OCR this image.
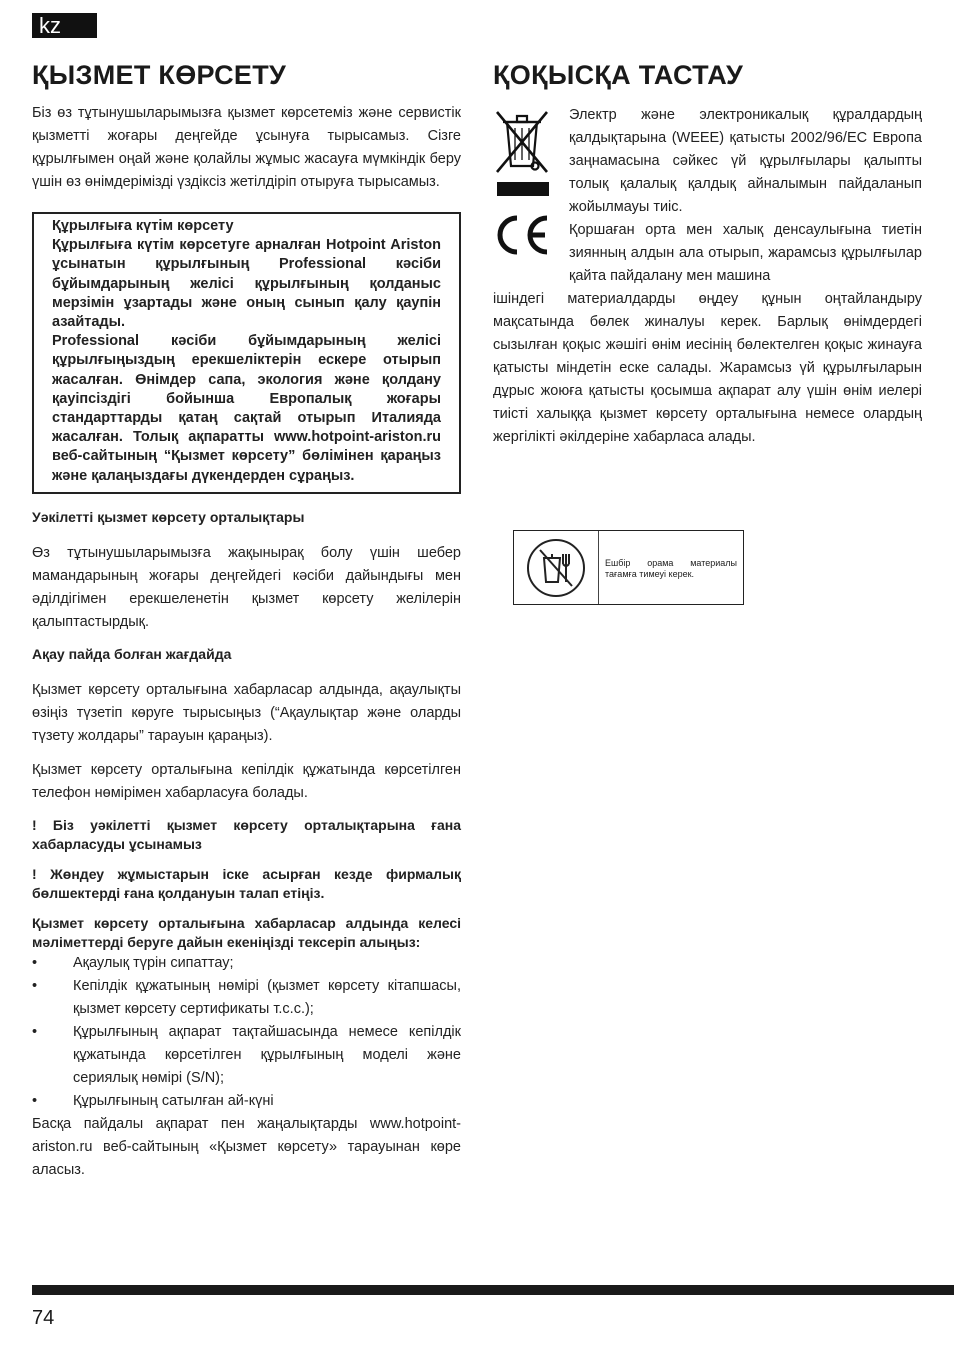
kz
ҚЫЗМЕТ КӨРСЕТУ

Біз өз тұтынушыларымызға қызмет көрсетеміз және сервистік қызметті жоғары деңгейде ұсынуға тырысамыз. Сізге құрылғымен оңай және қолайлы жұмыс жасауға мүмкіндік беру үшін өз өнімдерімізді үздіксіз жетілдіріп отыруға тырысамыз.

Құрылғыға күтім көрсету

Құрылғыға күтім көрсетуге арналған Hotpoint Ariston ұсынатын құрылғының Professional кәсіби бұйымдарының желісі құрылғының қолданыс мерзімін ұзартады және оның сынып қалу қаупін азайтады.

Professional кәсіби бұйымдарының желісі құрылғыңыздың ерекшеліктерін ескере отырып жасалған. Өнімдер сапа, экология және қолдану қауіпсіздігі бойынша Европалық жоғары стандарттарды қатаң сақтай отырып Италияда жасалған. Толық ақпаратты www.hotpoint-ariston.ru веб-сайтының “Қызмет көрсету” бөлімінен қараңыз және қалаңыздағы дүкендерден сұраңыз.

Уәкілетті қызмет көрсету орталықтары

Өз тұтынушыларымызға жақынырақ болу үшін шебер мамандарының жоғары деңгейдегі кәсіби дайындығы мен әділдігімен ерекшеленетін қызмет көрсету желілерін қалыптастырдық.

Ақау пайда болған жағдайда

Қызмет көрсету орталығына хабарласар алдында, ақаулықты өзіңіз түзетіп көруге тырысыңыз (“Ақаулықтар және оларды түзету жолдары” тарауын қараңыз).

Қызмет көрсету орталығына кепілдік құжатында көрсетілген телефон нөмірімен хабарласуға болады.

! Біз уәкілетті қызмет көрсету орталықтарына ғана хабарласуды ұсынамыз

! Жөндеу жұмыстарын іске асырған кезде фирмалық бөлшектерді ғана қолдануын талап етіңіз.

Қызмет көрсету орталығына хабарласар алдында келесі мәліметтерді беруге дайын екеніңізді тексеріп алыңыз:

• Ақаулық түрін сипаттау;
• Кепілдік құжатының нөмірі (қызмет көрсету кітапшасы, қызмет көрсету сертификаты т.с.с.);
• Құрылғының ақпарат тақтайшасында немесе кепілдік құжатында көрсетілген құрылғының моделі және сериялық нөмірі (S/N);
• Құрылғының сатылған ай-күні

Басқа пайдалы ақпарат пен жаңалықтарды www.hotpoint-ariston.ru веб-сайтының «Қызмет көрсету» тарауынан көре аласыз.

ҚОҚЫСҚА ТАСТАУ

Электр және электроникалық құралдардың қалдықтарына (WEEE) қатысты 2002/96/EC Европа заңнамасына сәйкес үй құрылғылары қалыпты толық қалалық қалдық айналымын пайдаланып жойылмауы тиіс.

Қоршаған орта мен халық денсаулығына тиетін зиянның алдын ала отырып, жарамсыз құрылғылар қайта пайдалану мен машина

ішіндегі материалдарды өңдеу құнын оңтайландыру мақсатында бөлек жиналуы керек. Барлық өнімдердегі сызылған қоқыс жәшігі өнім иесінің бөлектелген қоқыс жинауға қатысты міндетін еске салады. Жарамсыз үй құрылғыларын дұрыс жоюға қатысты қосымша ақпарат алу үшін өнім иелері тиісті халыққа қызмет көрсету орталығына немесе олардың жергілікті әкілдеріне хабарласа алады.

Ешбір орама материалы тағамға тимеуі керек.
74
